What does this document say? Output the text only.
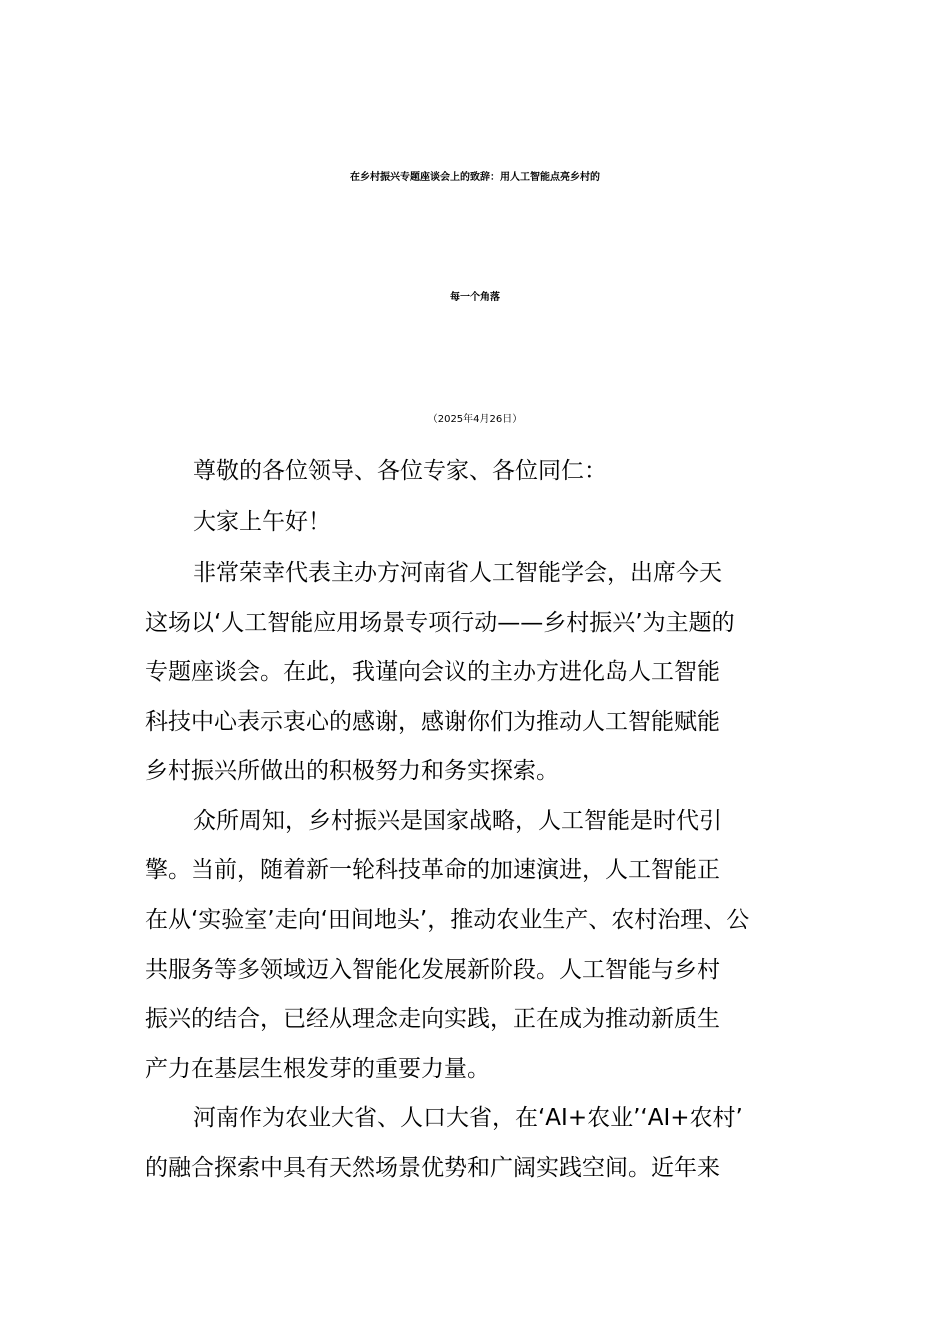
在乡村振兴专题座谈会上的致辞：用人工智能点亮乡村的
每一个角落
（2025年4月26日）
尊敬的各位领导、各位专家、各位同仁：
大家上午好！
非常荣幸代表主办方河南省人工智能学会，出席今天
这场以‘人工智能应用场景专项行动——乡村振兴’为主题的
专题座谈会。在此，我谨向会议的主办方进化岛人工智能
科技中心表示衷心的感谢，感谢你们为推动人工智能赋能
乡村振兴所做出的积极努力和务实探索。
众所周知，乡村振兴是国家战略，人工智能是时代引
擎。当前，随着新一轮科技革命的加速演进，人工智能正
在从‘实验室’走向‘田间地头’，推动农业生产、农村治理、公
共服务等多领域迈入智能化发展新阶段。人工智能与乡村
振兴的结合，已经从理念走向实践，正在成为推动新质生
产力在基层生根发芽的重要力量。
河南作为农业大省、人口大省，在‘AI+农业’‘AI+农村’
的融合探索中具有天然场景优势和广阔实践空间。近年来
